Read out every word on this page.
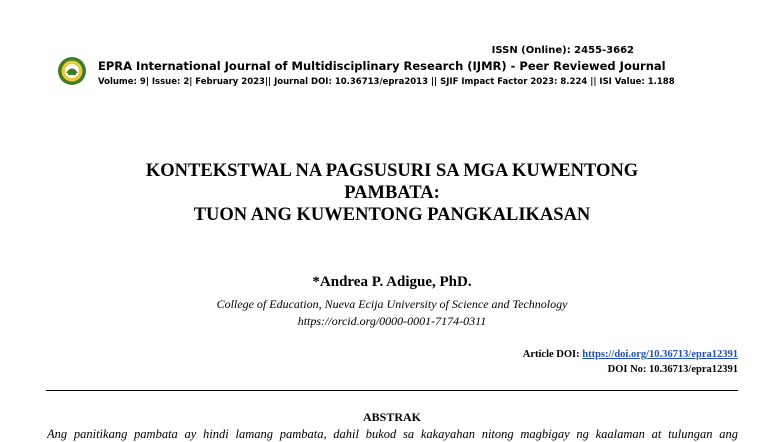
ISSN (Online): 2455-3662
EPRA International Journal of Multidisciplinary Research (IJMR) - Peer Reviewed Journal
Volume: 9| Issue: 2| February 2023|| Journal DOI: 10.36713/epra2013 || SJIF Impact Factor 2023: 8.224 || ISI Value: 1.188
KONTEKSTWAL NA PAGSUSURI SA MGA KUWENTONG
PAMBATA:
TUON ANG KUWENTONG PANGKALIKASAN
*Andrea P. Adigue, PhD.
College of Education, Nueva Ecija University of Science and Technology
https://orcid.org/0000-0001-7174-0311
Article DOI: https://doi.org/10.36713/epra12391
DOI No: 10.36713/epra12391
ABSTRAK
Ang panitikang pambata ay hindi lamang pambata, dahil bukod sa kakayahan nitong magbigay ng kaalaman at tulungan ang
